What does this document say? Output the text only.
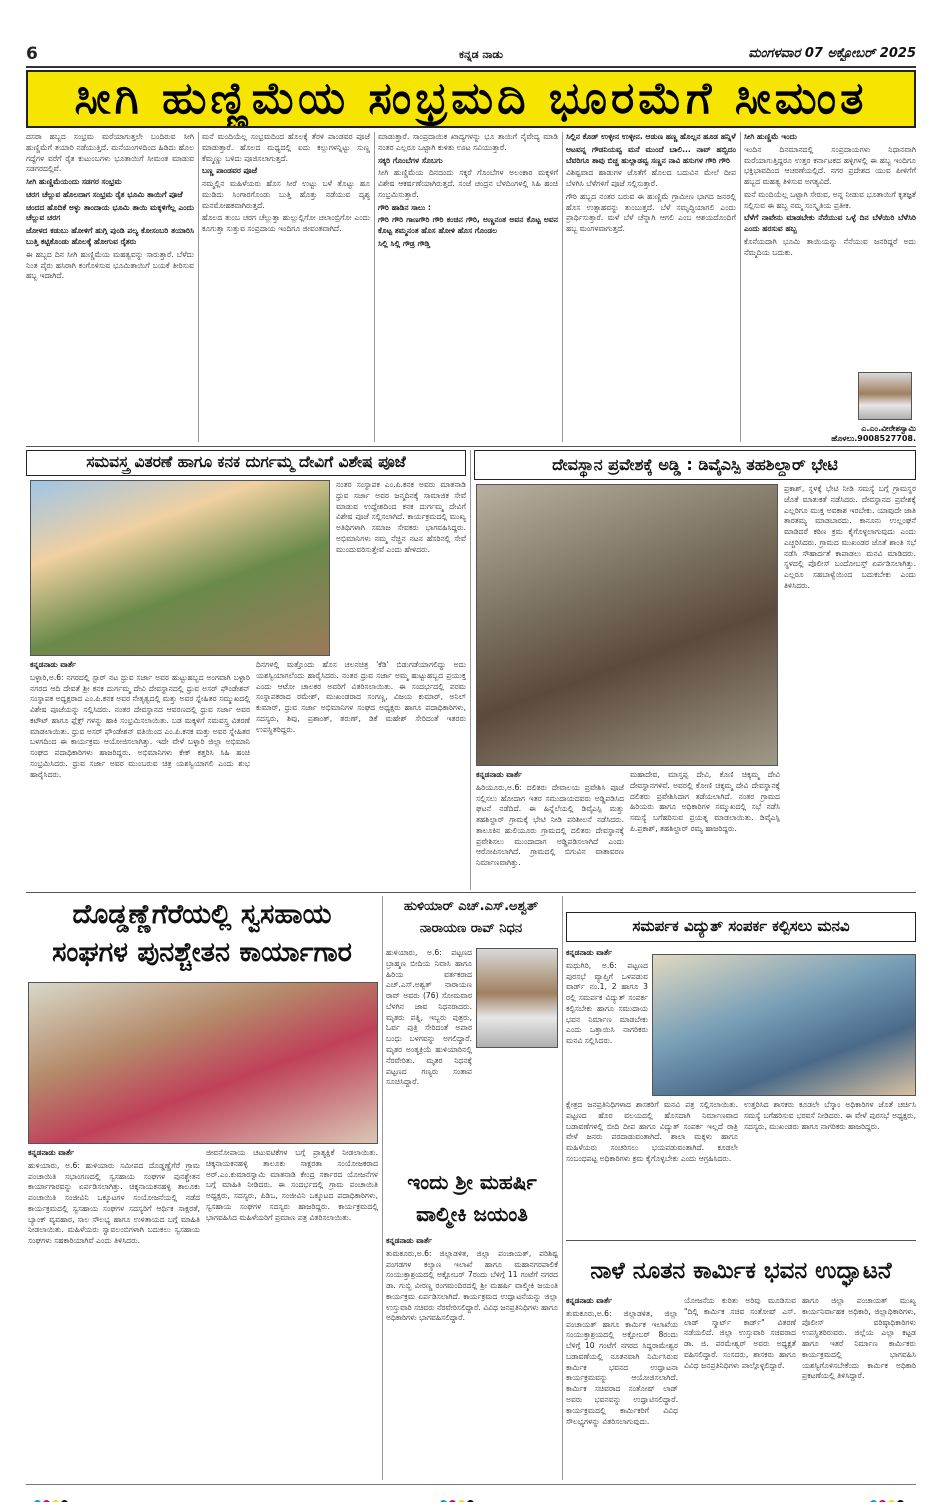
6	ಕನ್ನಡ ನಾಡು	ಮಂಗಳವಾರ 07 ಅಕ್ಟೋಬರ್ 2025
ಸೀಗಿ ಹುಣ್ಣಿಮೆಯ ಸಂಭ್ರಮದಿ ಭೂರಮೆಗೆ ಸೀಮಂತ

ದಸರಾ ಹಬ್ಬದ ಸಂಭ್ರಮ ಮರೆಯಾಗುತ್ತಲೇ ಬಂದಿರುವ ಸೀಗಿ ಹುಣ್ಣಿಮೆಗೆ ತಯಾರಿ ನಡೆಯುತ್ತಿದೆ. ಮನೆಯಂಗಳದಿಂದ ಹಿಡಿದು ಹೊಲ ಗದ್ದೆಗಳ ವರೆಗೆ ರೈತ ಕುಟುಂಬಗಳು ಭೂತಾಯಿಗೆ ಸೀಮಂತ ಮಾಡುವ ಸಡಗರದಲ್ಲಿವೆ.

ಸೀಗಿ ಹುಣ್ಣಿಮೆಯಂದು ಸಡಗರ ಸಂಭ್ರಮ

ಚರಗ ಚೆಲ್ಲುವ ಹೊಲದಾಗ ಸಂಭ್ರಮ ರೈತ ಭೂಮಿ ತಾಯಿಗೆ ಪೂಜೆ

ಚಂದದ ಹೊದಿಕೆ ಅಳ್ಳು ತಾಂದಾಯ ಭೂಮಿ ತಾಯಿ ಮಕ್ಕಳಿಗೆಲ್ಲ ಎಂದು ಚೆಲ್ಲುವ ಚರಗ

ಜೋಳದ ಕಡುಬು ಹೋಳಿಗೆ ಹುಗ್ಗಿ ಪುಂಡಿ ಪಲ್ಯ ಕೋಸಂಬರಿ ತಯಾರಿಸಿ ಬುತ್ತಿ ಕಟ್ಟಿಕೊಂಡು ಹೊಲಕ್ಕೆ ಹೋಗುವ ರೈತರು

ಈ ಹಬ್ಬದ ದಿನ ಸೀಗಿ ಹುಣ್ಣಿಮೆಯ ಮಹತ್ವವನ್ನು ಸಾರುತ್ತಾರೆ. ಬೆಳೆದು ನಿಂತ ಪೈರು ಹಸಿರಾಗಿ ಕಂಗೊಳಿಸುವ ಭೂಮಿತಾಯಿಗೆ ಬಯಕೆ ತೀರಿಸುವ ಹಬ್ಬ ಇದಾಗಿದೆ.

ಮನೆ ಮಂದಿಯೆಲ್ಲ ಸಂಭ್ರಮದಿಂದ ಹೊಲಕ್ಕೆ ತೆರಳಿ ಪಾಂಡವರ ಪೂಜೆ ಮಾಡುತ್ತಾರೆ. ಹೊಲದ ಮಧ್ಯದಲ್ಲಿ ಐದು ಕಲ್ಲುಗಳನ್ನಿಟ್ಟು ಸುಣ್ಣ ಕೆಮ್ಮಣ್ಣು ಬಳಿದು ಪೂಜಿಸಲಾಗುತ್ತದೆ.

ಬಣ್ಣ ಪಾಂಡವರ ಪೂಜೆ

ನಮ್ಮಲ್ಲಿನ ಮಹಿಳೆಯರು ಹೊಸ ಸೀರೆ ಉಟ್ಟು ಬಳೆ ತೊಟ್ಟು ಹೂ ಮುಡಿದು ಸಿಂಗಾರಗೊಂಡು ಬುತ್ತಿ ಹೊತ್ತು ನಡೆಯುವ ದೃಶ್ಯ ಮನಮೋಹಕವಾಗಿರುತ್ತದೆ.

ಹೊಲದ ತುಂಬ ಚರಗ ಚೆಲ್ಲುತ್ತಾ ಹುಲ್ಲುಲ್ಲಿಗೋ ಚಲಾಂಬ್ರಿಗೋ ಎಂದು ಕೂಗುತ್ತಾ ಸುತ್ತುವ ಸಂಪ್ರದಾಯ ಇಂದಿಗೂ ಜೀವಂತವಾಗಿದೆ.

ಮಾಡುತ್ತಾರೆ. ಸಾಂಪ್ರದಾಯಿಕ ಖಾದ್ಯಗಳನ್ನು ಭೂ ತಾಯಿಗೆ ನೈವೇದ್ಯ ಮಾಡಿ ನಂತರ ಎಲ್ಲರೂ ಒಟ್ಟಾಗಿ ಕುಳಿತು ಊಟ ಸವಿಯುತ್ತಾರೆ.

ಸಕ್ಕರಿ ಗೊಂಬೆಗಳ ಸೊಬಗು

ಸೀಗಿ ಹುಣ್ಣಿಮೆಯ ದಿನದಂದು ಸಕ್ಕರೆ ಗೊಂಬೆಗಳ ಅಲಂಕಾರ ಮಕ್ಕಳಿಗೆ ವಿಶೇಷ ಆಕರ್ಷಣೆಯಾಗಿರುತ್ತದೆ. ಸಂಜೆ ಚಂದ್ರನ ಬೆಳದಿಂಗಳಲ್ಲಿ ಸಿಹಿ ಹಂಚಿ ಸಂಭ್ರಮಿಸುತ್ತಾರೆ.

ಗೌರಿ ಹಾಡಿನ ಸಾಲು :

ಗೌರಿ ಗೌರಿ ಗಾಣಗೌರಿ ಗೌರಿ ಕಂಚಿನ ಗೌರಿ, ಅಣ್ಣನಂತ ಅವನ ಕೊಟ್ಟ ಅವನ ಕೊಟ್ಟ ತಮ್ಮನಂತ ಹೊಸ ಹೋಳಿ ಹೊಸ ಗೊಂಡಲ

ಸಿಲ್ಲಿ ಸಿಲ್ಲಿ ಗೌಡ್ರ ಗೌಡ್ತಿ

ಸಿಲ್ಲಿನ ಕೊಡ್ ಉಳ್ಳೀನ ಉಳ್ಳೀನ. ಆಡುಣ ಹಣ್ಣ ಹೊಲ್ಲನ ಹೂಡ ಹನ್ನಿಳೆ

ಆಟವನ್ನ ಗೌಡನಿಯವ್ವ ಮನೆ ಮುಂದೆ ಬಾಲಿ... ನಾವ್ ಹಬ್ಬಿದಂ ಬೆವರಿಗೂ ತಾವು ಬಿಚ್ಚ ಹುಲ್ಲಾಡವ್ವ ಸಣ್ಣನ ನಾವಿ ಹಸುಗಳ ಗೌರಿ ಗೌರಿ

ವಿಶಿಷ್ಟವಾದ ಹಾಡುಗಳ ಜೊತೆಗೆ ಹೊಲದ ಬದುವಿನ ಮೇಲೆ ದೀಪ ಬೆಳಗಿಸಿ ಬೆಳೆಗಳಿಗೆ ಪೂಜೆ ಸಲ್ಲಿಸುತ್ತಾರೆ.

ಗೌರಿ ಹಬ್ಬದ ನಂತರ ಬರುವ ಈ ಹುಣ್ಣಿಮೆ ಗ್ರಾಮೀಣ ಭಾಗದ ಜನರಲ್ಲಿ ಹೊಸ ಉತ್ಸಾಹವನ್ನು ತುಂಬುತ್ತದೆ. ಬೆಳೆ ಸಮೃದ್ಧಿಯಾಗಲಿ ಎಂದು ಪ್ರಾರ್ಥಿಸುತ್ತಾರೆ. ಮಳೆ ಬೆಳೆ ಚೆನ್ನಾಗಿ ಆಗಲಿ ಎಂಬ ಆಶಯದೊಂದಿಗೆ ಹಬ್ಬ ಮಂಗಳವಾಗುತ್ತದೆ.

ಸೀಗಿ ಹುಣ್ಣಿಮೆ ಇಂದು

ಇಂದಿನ ದಿನಮಾನದಲ್ಲಿ ಸಂಪ್ರದಾಯಗಳು ನಿಧಾನವಾಗಿ ಮರೆಯಾಗುತ್ತಿದ್ದರೂ ಉತ್ತರ ಕರ್ನಾಟಕದ ಹಳ್ಳಿಗಳಲ್ಲಿ ಈ ಹಬ್ಬ ಇಂದಿಗೂ ಭಕ್ತಿಭಾವದಿಂದ ಆಚರಣೆಯಲ್ಲಿದೆ. ನಗರ ಪ್ರದೇಶದ ಯುವ ಪೀಳಿಗೆಗೆ ಹಬ್ಬದ ಮಹತ್ವ ತಿಳಿಸುವ ಅಗತ್ಯವಿದೆ.

ಮನೆ ಮಂದಿಯೆಲ್ಲ ಒಟ್ಟಾಗಿ ಸೇರುವ, ಅನ್ನ ನೀಡುವ ಭೂತಾಯಿಗೆ ಕೃತಜ್ಞತೆ ಸಲ್ಲಿಸುವ ಈ ಹಬ್ಬ ನಮ್ಮ ಸಂಸ್ಕೃತಿಯ ಪ್ರತೀಕ.

ಬೆಳೆಗೆ ನಾವೇನು ಮಾಡಬೇಕು ನೆನೆಯುವ ಒಳ್ಳೆ ದಿನ ಬೆಳೆಯಿರಿ ಬೆಳೆಸಿರಿ ಎಂದು ಹರಸುವ ಹಬ್ಬ

ಕೊನೆಯದಾಗಿ ಭೂಮಿ ತಾಯಿಯನ್ನು ನೆನೆಯುವ ಜನರಿದ್ದರೆ ಅದು ನೆಮ್ಮದಿಯ ಬದುಕು.

ಎ.ಎಂ.ವೀರೇಶಸ್ವಾಮಿ
ಹೊಳಲು.9008527708.
ಸಮವಸ್ತ್ರ ವಿತರಣೆ ಹಾಗೂ ಕನಕ ದುರ್ಗಮ್ಮ ದೇವಿಗೆ ವಿಶೇಷ ಪೂಜೆ

ನಂತರ ಸಂಸ್ಥಾಪಕ ಎಂ.ಪಿ.ಕನಕ ಅವರು ಮಾತನಾಡಿ ಧ್ರುವ ಸರ್ಜಾ ಅವರ ಜನ್ಮದಿನಕ್ಕೆ ಸಾಮಾಜಿಕ ಸೇವೆ ಮಾಡುವ ಉದ್ದೇಶದಿಂದ ಕನಕ ದುರ್ಗಮ್ಮ ದೇವಿಗೆ ವಿಶೇಷ ಪೂಜೆ ಸಲ್ಲಿಸಲಾಗಿದೆ. ಕಾರ್ಯಕ್ರಮದಲ್ಲಿ ಮುಖ್ಯ ಅತಿಥಿಗಳಾಗಿ ಸಮಾಜ ಸೇವಕರು ಭಾಗವಹಿಸಿದ್ದರು. ಅಭಿಮಾನಿಗಳು ನಮ್ಮ ನೆಚ್ಚಿನ ನಟನ ಹೆಸರಿನಲ್ಲಿ ಸೇವೆ ಮುಂದುವರಿಸುತ್ತೇವೆ ಎಂದು ಹೇಳಿದರು.

ಕನ್ನಡನಾಡು ವಾರ್ತೆ

ಬಳ್ಳಾರಿ,ಅ.6: ನಗರದಲ್ಲಿ ಸ್ಟಾರ್ ನಟ ಧ್ರುವ ಸರ್ಜಾ ಅವರ ಹುಟ್ಟುಹಬ್ಬದ ಅಂಗವಾಗಿ ಬಳ್ಳಾರಿ ನಗರದ ಆದಿ ದೇವತೆ ಶ್ರೀ ಕನಕ ದುರ್ಗಮ್ಮ ದೇವಿ ದೇವಸ್ಥಾನದಲ್ಲಿ ಧ್ರುವ ಅಸರ್ ಫೌಂಡೇಶನ್ ಸಂಸ್ಥಾಪಕ ಅಧ್ಯಕ್ಷರಾದ ಎಂ.ಪಿ.ಕನಕ ಅವರ ನೇತೃತ್ವದಲ್ಲಿ ಮತ್ತು ಅವರ ಸ್ನೇಹಿತರ ಸಮ್ಮುಖದಲ್ಲಿ ವಿಶೇಷ ಪೂಜೆಯನ್ನು ಸಲ್ಲಿಸಿದರು. ನಂತರ ದೇವಸ್ಥಾನದ ಆವರಣದಲ್ಲಿ ಧ್ರುವ ಸರ್ಜಾ ಅವರ ಕಟೌಟ್ ಹಾಗೂ ಫ್ಲೆಕ್ಸ್ ಗಳನ್ನು ಹಾಕಿ ಸಂಭ್ರಮಿಸಲಾಯಿತು. ಬಡ ಮಕ್ಕಳಿಗೆ ಸಮವಸ್ತ್ರ ವಿತರಣೆ ಮಾಡಲಾಯಿತು. ಧ್ರುವ ಅಸರ್ ಫೌಂಡೇಶನ್ ವತಿಯಿಂದ ಎಂ.ಪಿ.ಕನಕ ಮತ್ತು ಅವರ ಸ್ನೇಹಿತರ ಬಳಗದಿಂದ ಈ ಕಾರ್ಯಕ್ರಮ ಆಯೋಜಿಸಲಾಗಿತ್ತು. ಇದೇ ವೇಳೆ ಬಳ್ಳಾರಿ ಜಿಲ್ಲಾ ಅಭಿಮಾನಿ ಸಂಘದ ಪದಾಧಿಕಾರಿಗಳು ಹಾಜರಿದ್ದರು. ಅಭಿಮಾನಿಗಳು ಕೇಕ್ ಕತ್ತರಿಸಿ ಸಿಹಿ ಹಂಚಿ ಸಂಭ್ರಮಿಸಿದರು. ಧ್ರುವ ಸರ್ಜಾ ಅವರ ಮುಂಬರುವ ಚಿತ್ರ ಯಶಸ್ವಿಯಾಗಲಿ ಎಂದು ಶುಭ ಹಾರೈಸಿದರು.

ದಿನಗಳಲ್ಲಿ ಮತ್ತೊಂದು ಹೊಸ ಚಲನಚಿತ್ರ 'ಕೆಡಿ' ಬಿಡುಗಡೆಯಾಗಲಿದ್ದು ಅದು ಯಶಸ್ವಿಯಾಗಲೆಂದು ಹಾರೈಸಿದರು. ನಂತರ ಧ್ರುವ ಸರ್ಜಾ ಅಮ್ಮ ಹುಟ್ಟುಹಬ್ಬದ ಪ್ರಯುಕ್ತ ಎಂದು ಆಟೋ ಚಾಲಕರ ಅವರಿಗೆ ವಿತರಿಸಲಾಯಿತು. ಈ ಸಂದರ್ಭದಲ್ಲಿ ಪರಮ ಸಂಸ್ಥಾಪಕರಾದ ರಮೇಶ್, ಮುಖಂಡರಾದ ಸಂಗಣ್ಣ, ವಿಜಯ ಕುಮಾರ್, ಅನಿಲ್ ಕುಮಾರ್, ಧ್ರುವ ಸರ್ಜಾ ಅಭಿಮಾನಿಗಳ ಸಂಘದ ಅಧ್ಯಕ್ಷರು ಹಾಗೂ ಪದಾಧಿಕಾರಿಗಳು, ಸದಸ್ಯರು, ಶಿವು, ಪ್ರಶಾಂತ್, ತರುಣ್, ಡಿಕೆ ಮಹೇಶ್ ಸೇರಿದಂತೆ ಇತರರು ಉಪಸ್ಥಿತರಿದ್ದರು.

ದೇವಸ್ಥಾನ ಪ್ರವೇಶಕ್ಕೆ ಅಡ್ಡಿ : ಡಿವೈಎಸ್ಪಿ ತಹಶಿಲ್ದಾರ್ ಭೇಟಿ

ಪ್ರಕಾಶ್, ಸ್ಥಳಕ್ಕೆ ಭೇಟಿ ನೀಡಿ ಸಮಸ್ಯೆ ಬಗ್ಗೆ ಗ್ರಾಮಸ್ಥರ ಜೊತೆ ಮಾತುಕತೆ ನಡೆಸಿದರು. ದೇವಸ್ಥಾನದ ಪ್ರವೇಶಕ್ಕೆ ಎಲ್ಲರಿಗೂ ಮುಕ್ತ ಅವಕಾಶ ಇರಬೇಕು. ಯಾವುದೇ ಜಾತಿ ತಾರತಮ್ಯ ಮಾಡಬಾರದು. ಕಾನೂನು ಉಲ್ಲಂಘನೆ ಮಾಡಿದರೆ ಕಠಿಣ ಕ್ರಮ ಕೈಗೊಳ್ಳಲಾಗುವುದು ಎಂದು ಎಚ್ಚರಿಸಿದರು. ಗ್ರಾಮದ ಮುಖಂಡರ ಜೊತೆ ಶಾಂತಿ ಸಭೆ ನಡೆಸಿ ಸೌಹಾರ್ದತೆ ಕಾಪಾಡಲು ಮನವಿ ಮಾಡಿದರು. ಸ್ಥಳದಲ್ಲಿ ಪೊಲೀಸ್ ಬಂದೋಬಸ್ತ್ ಏರ್ಪಡಿಸಲಾಗಿತ್ತು. ಎಲ್ಲರೂ ಸಹಬಾಳ್ವೆಯಿಂದ ಬದುಕಬೇಕು ಎಂದು ತಿಳಿಸಿದರು.

ಕನ್ನಡನಾಡು ವಾರ್ತೆ

ಹಿರಿಯೂರು,ಅ.6: ದಲಿತರು ದೇವಾಲಯ ಪ್ರವೇಶಿಸಿ ಪೂಜೆ ಸಲ್ಲಿಸಲು ಹೋದಾಗ ಇತರ ಸಮುದಾಯದವರು ಅಡ್ಡಿಪಡಿಸಿದ ಘಟನೆ ನಡೆದಿದೆ. ಈ ಹಿನ್ನೆಲೆಯಲ್ಲಿ ಡಿವೈಎಸ್ಪಿ ಮತ್ತು ತಹಶಿಲ್ದಾರ್ ಗ್ರಾಮಕ್ಕೆ ಭೇಟಿ ನೀಡಿ ಪರಿಶೀಲನೆ ನಡೆಸಿದರು. ತಾಲೂಕಿನ ಹುಲಿಯೂರು ಗ್ರಾಮದಲ್ಲಿ ದಲಿತರು ದೇವಸ್ಥಾನಕ್ಕೆ ಪ್ರವೇಶಿಸಲು ಮುಂದಾದಾಗ ಅಡ್ಡಿಪಡಿಸಲಾಗಿದೆ ಎಂದು ಆರೋಪಿಸಲಾಗಿದೆ. ಗ್ರಾಮದಲ್ಲಿ ಬಿಗುವಿನ ವಾತಾವರಣ ನಿರ್ಮಾಣವಾಗಿತ್ತು.

ಮಹಾದೇವ, ಮಾಸ್ತಪ್ಪ ದೇವಿ, ಕೊಣಿ ಚಿಕ್ಕಮ್ಮ ದೇವಿ ದೇವಸ್ಥಾನಗಳಿವೆ. ಅವರಲ್ಲಿ ಕೋಣಿ ಚಿಕ್ಕಮ್ಮ ದೇವಿ ದೇವಸ್ಥಾನಕ್ಕೆ ದಲಿತರು ಪ್ರವೇಶಿಸಿದಾಗ ತಡೆಯಲಾಗಿದೆ. ನಂತರ ಗ್ರಾಮದ ಹಿರಿಯರು ಹಾಗೂ ಅಧಿಕಾರಿಗಳ ಸಮ್ಮುಖದಲ್ಲಿ ಸಭೆ ನಡೆಸಿ ಸಮಸ್ಯೆ ಬಗೆಹರಿಸುವ ಪ್ರಯತ್ನ ಮಾಡಲಾಯಿತು. ಡಿವೈಎಸ್ಪಿ ಪಿ.ಪ್ರಕಾಶ್, ತಹಶಿಲ್ದಾರ್ ರಮ್ಯ ಹಾಜರಿದ್ದರು.

ದೊಡ್ಡಣ್ಣೆಗೆರೆಯಲ್ಲಿ ಸ್ವಸಹಾಯ
ಸಂಘಗಳ ಪುನಶ್ಚೇತನ ಕಾರ್ಯಾಗಾರ

ಕನ್ನಡನಾಡು ವಾರ್ತೆ

ಹುಳಿಯಾರು, ಅ.6: ಹುಳಿಯಾರು ಸಮೀಪದ ದೊಡ್ಡಣ್ಣೆಗೆರೆ ಗ್ರಾಮ ಪಂಚಾಯಿತಿ ಸಭಾಂಗಣದಲ್ಲಿ ಸ್ವಸಹಾಯ ಸಂಘಗಳ ಪುನಶ್ಚೇತನ ಕಾರ್ಯಾಗಾರವನ್ನು ಏರ್ಪಡಿಸಲಾಗಿತ್ತು. ಚಿಕ್ಕನಾಯಕನಹಳ್ಳಿ ತಾಲೂಕು ಪಂಚಾಯಿತಿ ಸಂಜೀವಿನಿ ಒಕ್ಕೂಟಗಳ ಸಂಯೋಜನೆಯಲ್ಲಿ ನಡೆದ ಕಾರ್ಯಕ್ರಮದಲ್ಲಿ ಸ್ವಸಹಾಯ ಸಂಘಗಳ ಸದಸ್ಯರಿಗೆ ಆರ್ಥಿಕ ಸಾಕ್ಷರತೆ, ಬ್ಯಾಂಕ್ ವ್ಯವಹಾರ, ಸಾಲ ಸೌಲಭ್ಯ ಹಾಗೂ ಉಳಿತಾಯದ ಬಗ್ಗೆ ಮಾಹಿತಿ ನೀಡಲಾಯಿತು. ಮಹಿಳೆಯರು ಸ್ವಾವಲಂಬಿಗಳಾಗಿ ಬದುಕಲು ಸ್ವಸಹಾಯ ಸಂಘಗಳು ಸಹಕಾರಿಯಾಗಿವೆ ಎಂದು ತಿಳಿಸಿದರು.

ಜೀವನೋಪಾಯ ಚಟುವಟಿಕೆಗಳ ಬಗ್ಗೆ ಪ್ರಾತ್ಯಕ್ಷಿಕೆ ನೀಡಲಾಯಿತು. ಚಿಕ್ಕನಾಯಕನಹಳ್ಳಿ ತಾಲೂಕು ಸಾಕ್ಷರತಾ ಸಂಯೋಜಕರಾದ ಅರ್.ಎಂ.ಕುಮಾರಸ್ವಾಮಿ ಮಾತನಾಡಿ ಕೇಂದ್ರ ಸರ್ಕಾರದ ಯೋಜನೆಗಳ ಬಗ್ಗೆ ಮಾಹಿತಿ ನೀಡಿದರು. ಈ ಸಂದರ್ಭದಲ್ಲಿ ಗ್ರಾಮ ಪಂಚಾಯಿತಿ ಅಧ್ಯಕ್ಷರು, ಸದಸ್ಯರು, ಪಿಡಿಒ, ಸಂಜೀವಿನಿ ಒಕ್ಕೂಟದ ಪದಾಧಿಕಾರಿಗಳು, ಸ್ವಸಹಾಯ ಸಂಘಗಳ ಸದಸ್ಯರು ಹಾಜರಿದ್ದರು. ಕಾರ್ಯಕ್ರಮದಲ್ಲಿ ಭಾಗವಹಿಸಿದ ಮಹಿಳೆಯರಿಗೆ ಪ್ರಮಾಣ ಪತ್ರ ವಿತರಿಸಲಾಯಿತು.

ಹುಳಿಯಾರ್ ಎಚ್.ಎಸ್.ಅಶ್ವತ್
ನಾರಾಯಣ ರಾವ್ ನಿಧನ

ಹುಳಿಯಾರು, ಅ.6: ಪಟ್ಟಣದ ಬ್ರಾಹ್ಮಣ ಬೀದಿಯ ನಿವಾಸಿ ಹಾಗೂ ಹಿರಿಯ ವರ್ತಕರಾದ ಎಚ್.ಎಸ್.ಅಶ್ವತ್ ನಾರಾಯಣ ರಾವ್ ಅವರು (76) ಸೋಮವಾರ ಬೆಳಗಿನ ಜಾವ ನಿಧನರಾದರು. ಮೃತರು ಪತ್ನಿ, ಇಬ್ಬರು ಪುತ್ರರು, ಓರ್ವ ಪುತ್ರಿ ಸೇರಿದಂತೆ ಅಪಾರ ಬಂಧು ಬಳಗವನ್ನು ಅಗಲಿದ್ದಾರೆ. ಮೃತರ ಅಂತ್ಯಕ್ರಿಯೆ ಹುಳಿಯಾರಿನಲ್ಲಿ ನೆರವೇರಿತು. ಮೃತರ ನಿಧನಕ್ಕೆ ಪಟ್ಟಣದ ಗಣ್ಯರು ಸಂತಾಪ ಸೂಚಿಸಿದ್ದಾರೆ.

ಇಂದು ಶ್ರೀ ಮಹರ್ಷಿ
ವಾಲ್ಮೀಕಿ ಜಯಂತಿ

ಕನ್ನಡನಾಡು ವಾರ್ತೆ

ತುಮಕೂರು,ಅ.6: ಜಿಲ್ಲಾಡಳಿತ, ಜಿಲ್ಲಾ ಪಂಚಾಯತ್, ಪರಿಶಿಷ್ಟ ಪಂಗಡಗಳ ಕಲ್ಯಾಣ ಇಲಾಖೆ ಹಾಗೂ ಮಹಾನಗರಪಾಲಿಕೆ ಸಂಯುಕ್ತಾಶ್ರಯದಲ್ಲಿ ಅಕ್ಟೋಬರ್ 7ರಂದು ಬೆಳಿಗ್ಗೆ 11 ಗಂಟೆಗೆ ನಗರದ ಡಾ. ಗುಬ್ಬಿ ವೀರಣ್ಣ ರಂಗಮಂದಿರದಲ್ಲಿ ಶ್ರೀ ಮಹರ್ಷಿ ವಾಲ್ಮೀಕಿ ಜಯಂತಿ ಕಾರ್ಯಕ್ರಮ ಏರ್ಪಡಿಸಲಾಗಿದೆ. ಕಾರ್ಯಕ್ರಮದ ಉದ್ಘಾಟನೆಯನ್ನು ಜಿಲ್ಲಾ ಉಸ್ತುವಾರಿ ಸಚಿವರು ನೆರವೇರಿಸಲಿದ್ದಾರೆ. ವಿವಿಧ ಜನಪ್ರತಿನಿಧಿಗಳು ಹಾಗೂ ಅಧಿಕಾರಿಗಳು ಭಾಗವಹಿಸಲಿದ್ದಾರೆ.

ಸಮರ್ಪಕ ವಿದ್ಯುತ್ ಸಂಪರ್ಕ ಕಲ್ಪಿಸಲು ಮನವಿ

ಕನ್ನಡನಾಡು ವಾರ್ತೆ

ಮಧುಗಿರಿ, ಅ.6: ಪಟ್ಟಣದ ಪುರಸಭೆ ವ್ಯಾಪ್ತಿಗೆ ಒಳಪಡುವ ವಾರ್ಡ್ ನಂ.1, 2 ಹಾಗೂ 3 ರಲ್ಲಿ ಸಮರ್ಪಕ ವಿದ್ಯುತ್ ಸಂಪರ್ಕ ಕಲ್ಪಿಸಬೇಕು ಹಾಗೂ ಸಮುದಾಯ ಭವನ ನಿರ್ಮಾಣ ಮಾಡಬೇಕು ಎಂದು ಒತ್ತಾಯಿಸಿ ನಾಗರಿಕರು ಮನವಿ ಸಲ್ಲಿಸಿದರು.

ಕ್ಷೇತ್ರದ ಜನಪ್ರತಿನಿಧಿಗಳಾದ ಶಾಸಕರಿಗೆ ಮನವಿ ಪತ್ರ ಸಲ್ಲಿಸಲಾಯಿತು. ಪಟ್ಟಣದ ಹೊರ ವಲಯದಲ್ಲಿ ಹೊಸದಾಗಿ ನಿರ್ಮಾಣವಾದ ಬಡಾವಣೆಗಳಲ್ಲಿ ಬೀದಿ ದೀಪ ಹಾಗೂ ವಿದ್ಯುತ್ ಸಂಪರ್ಕ ಇಲ್ಲದೆ ರಾತ್ರಿ ವೇಳೆ ಜನರು ಪರದಾಡುವಂತಾಗಿದೆ. ಶಾಲಾ ಮಕ್ಕಳು ಹಾಗೂ ಮಹಿಳೆಯರು ಸಂಚರಿಸಲು ಭಯಪಡುವಂತಾಗಿದೆ. ಕೂಡಲೇ ಸಂಬಂಧಪಟ್ಟ ಅಧಿಕಾರಿಗಳು ಕ್ರಮ ಕೈಗೊಳ್ಳಬೇಕು ಎಂದು ಆಗ್ರಹಿಸಿದರು.

ಉತ್ತರಿಸಿದ ಶಾಸಕರು ಕೂಡಲೇ ಬೆಸ್ಕಾಂ ಅಧಿಕಾರಿಗಳ ಜೊತೆ ಚರ್ಚಿಸಿ ಸಮಸ್ಯೆ ಬಗೆಹರಿಸುವ ಭರವಸೆ ನೀಡಿದರು. ಈ ವೇಳೆ ಪುರಸಭೆ ಅಧ್ಯಕ್ಷರು, ಸದಸ್ಯರು, ಮುಖಂಡರು ಹಾಗೂ ನಾಗರಿಕರು ಹಾಜರಿದ್ದರು.

ನಾಳೆ ನೂತನ ಕಾರ್ಮಿಕ ಭವನ ಉದ್ಘಾಟನೆ

ಕನ್ನಡನಾಡು ವಾರ್ತೆ

ತುಮಕೂರು,ಅ.6: ಜಿಲ್ಲಾಡಳಿತ, ಜಿಲ್ಲಾ ಪಂಚಾಯತ್ ಹಾಗೂ ಕಾರ್ಮಿಕ ಇಲಾಖೆಯ ಸಂಯುಕ್ತಾಶ್ರಯದಲ್ಲಿ ಅಕ್ಟೋಬರ್ 8ರಂದು ಬೆಳಿಗ್ಗೆ 10 ಗಂಟೆಗೆ ನಗರದ ಸಿದ್ದರಾಮೇಶ್ವರ ಬಡಾವಣೆಯಲ್ಲಿ ನೂತನವಾಗಿ ನಿರ್ಮಿಸಿರುವ ಕಾರ್ಮಿಕ ಭವನದ ಉದ್ಘಾಟನಾ ಕಾರ್ಯಕ್ರಮವನ್ನು ಆಯೋಜಿಸಲಾಗಿದೆ. ಕಾರ್ಮಿಕ ಸಚಿವರಾದ ಸಂತೋಷ್ ಲಾಡ್ ಅವರು ಭವನವನ್ನು ಉದ್ಘಾಟಿಸಲಿದ್ದಾರೆ. ಕಾರ್ಯಕ್ರಮದಲ್ಲಿ ಕಾರ್ಮಿಕರಿಗೆ ವಿವಿಧ ಸೌಲಭ್ಯಗಳನ್ನು ವಿತರಿಸಲಾಗುವುದು.

ಯೋಜನೆಯ ಕುರಿತು ಅರಿವು ಮೂಡಿಸುವ "ದಿಲ್ಲಿ ಕಾರ್ಮಿಕ ಸಚಿವ ಸಂತೋಷ್ ಎಸ್. ಲಾಡ್ ಸ್ಮಾರ್ಟ್ ಕಾರ್ಡ್" ವಿತರಣೆ ನಡೆಯಲಿದೆ. ಜಿಲ್ಲಾ ಉಸ್ತುವಾರಿ ಸಚಿವರಾದ ಡಾ. ಜಿ. ಪರಮೇಶ್ವರ್ ಅವರು ಅಧ್ಯಕ್ಷತೆ ವಹಿಸಲಿದ್ದಾರೆ. ಸಂಸದರು, ಶಾಸಕರು ಹಾಗೂ ವಿವಿಧ ಜನಪ್ರತಿನಿಧಿಗಳು ಪಾಲ್ಗೊಳ್ಳಲಿದ್ದಾರೆ.

ಹಾಗೂ ಜಿಲ್ಲಾ ಪಂಚಾಯತ್ ಮುಖ್ಯ ಕಾರ್ಯನಿರ್ವಾಹಕ ಅಧಿಕಾರಿ, ಜಿಲ್ಲಾಧಿಕಾರಿಗಳು, ಪೊಲೀಸ್ ವರಿಷ್ಠಾಧಿಕಾರಿಗಳು ಉಪಸ್ಥಿತರಿರುವರು. ಜಿಲ್ಲೆಯ ಎಲ್ಲಾ ಕಟ್ಟಡ ಹಾಗೂ ಇತರೆ ನಿರ್ಮಾಣ ಕಾರ್ಮಿಕರು ಕಾರ್ಯಕ್ರಮದಲ್ಲಿ ಭಾಗವಹಿಸಿ ಯಶಸ್ವಿಗೊಳಿಸಬೇಕೆಂದು ಕಾರ್ಮಿಕ ಅಧಿಕಾರಿ ಪ್ರಕಟಣೆಯಲ್ಲಿ ತಿಳಿಸಿದ್ದಾರೆ.
